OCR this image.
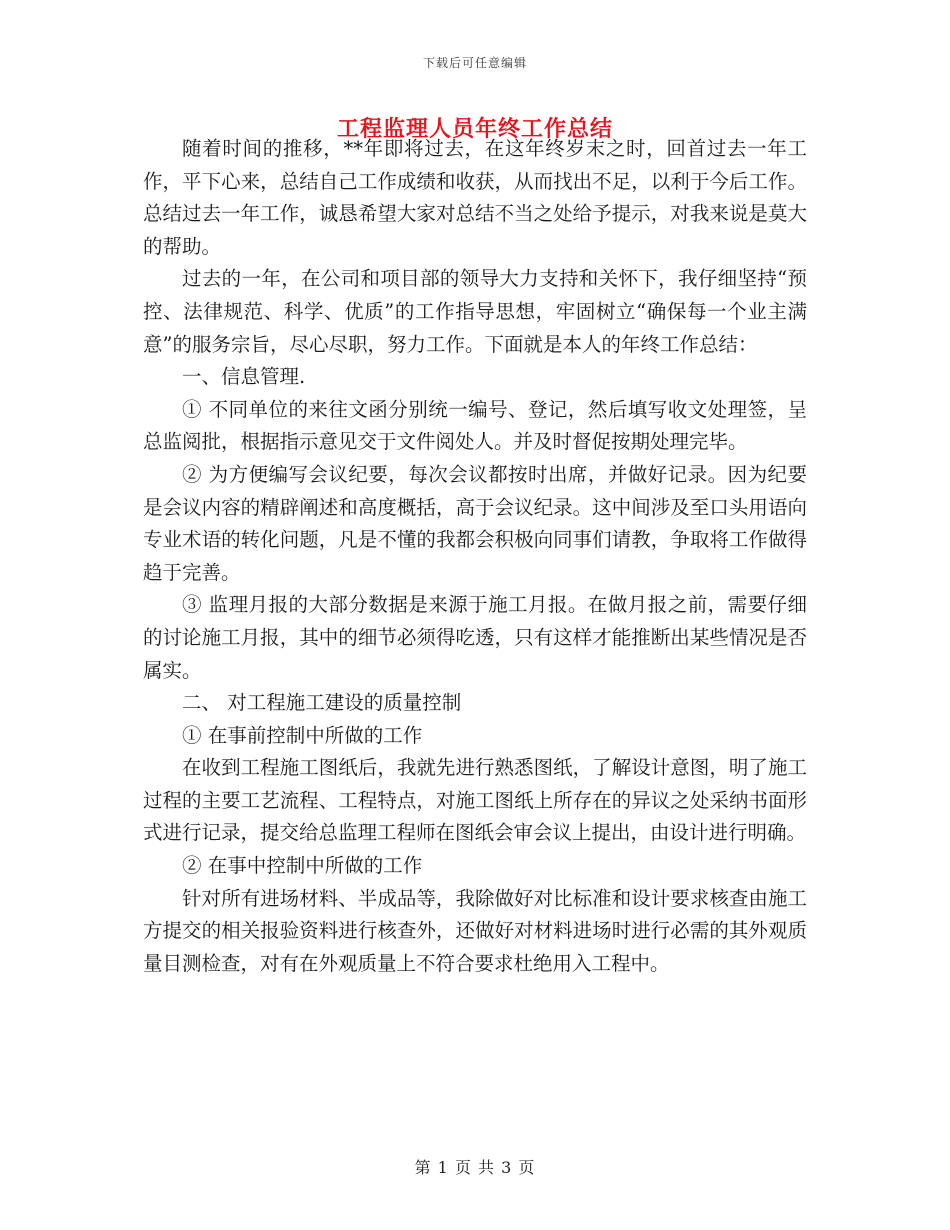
下载后可任意编辑
工程监理人员年终工作总结

随着时间的推移，**年即将过去，在这年终岁末之时，回首过去一年工作，平下心来，总结自己工作成绩和收获，从而找出不足，以利于今后工作。总结过去一年工作，诚恳希望大家对总结不当之处给予提示，对我来说是莫大的帮助。

过去的一年，在公司和项目部的领导大力支持和关怀下，我仔细坚持“预控、法律规范、科学、优质”的工作指导思想，牢固树立“确保每一个业主满意”的服务宗旨，尽心尽职，努力工作。下面就是本人的年终工作总结：

一、信息管理.

① 不同单位的来往文函分别统一编号、登记，然后填写收文处理签，呈总监阅批，根据指示意见交于文件阅处人。并及时督促按期处理完毕。

② 为方便编写会议纪要，每次会议都按时出席，并做好记录。因为纪要是会议内容的精辟阐述和高度概括，高于会议纪录。这中间涉及至口头用语向专业术语的转化问题，凡是不懂的我都会积极向同事们请教，争取将工作做得趋于完善。

③ 监理月报的大部分数据是来源于施工月报。在做月报之前，需要仔细的讨论施工月报，其中的细节必须得吃透，只有这样才能推断出某些情况是否属实。

二、 对工程施工建设的质量控制

① 在事前控制中所做的工作

在收到工程施工图纸后，我就先进行熟悉图纸，了解设计意图，明了施工过程的主要工艺流程、工程特点，对施工图纸上所存在的异议之处采纳书面形式进行记录，提交给总监理工程师在图纸会审会议上提出，由设计进行明确。

② 在事中控制中所做的工作

针对所有进场材料、半成品等，我除做好对比标准和设计要求核查由施工方提交的相关报验资料进行核查外，还做好对材料进场时进行必需的其外观质量目测检查，对有在外观质量上不符合要求杜绝用入工程中。

第 1 页 共 3 页
